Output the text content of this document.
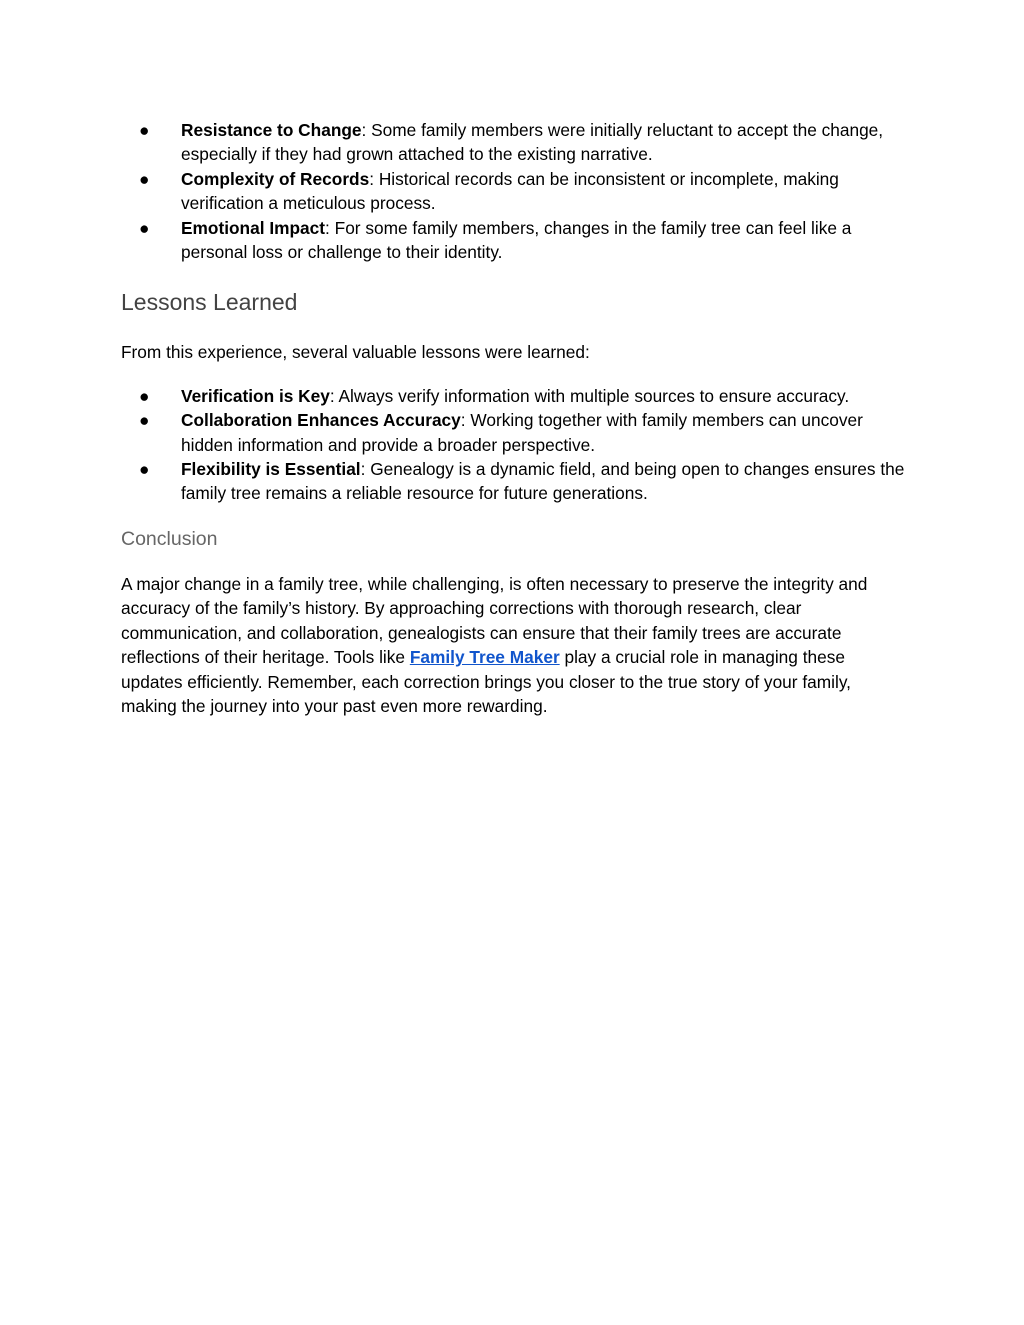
● Resistance to Change: Some family members were initially reluctant to accept the change, especially if they had grown attached to the existing narrative.
● Complexity of Records: Historical records can be inconsistent or incomplete, making verification a meticulous process.
● Emotional Impact: For some family members, changes in the family tree can feel like a personal loss or challenge to their identity.
Lessons Learned

From this experience, several valuable lessons were learned:

● Verification is Key: Always verify information with multiple sources to ensure accuracy.
● Collaboration Enhances Accuracy: Working together with family members can uncover hidden information and provide a broader perspective.
● Flexibility is Essential: Genealogy is a dynamic field, and being open to changes ensures the family tree remains a reliable resource for future generations.
Conclusion

A major change in a family tree, while challenging, is often necessary to preserve the integrity and accuracy of the family’s history. By approaching corrections with thorough research, clear communication, and collaboration, genealogists can ensure that their family trees are accurate reflections of their heritage. Tools like Family Tree Maker play a crucial role in managing these updates efficiently. Remember, each correction brings you closer to the true story of your family, making the journey into your past even more rewarding.
